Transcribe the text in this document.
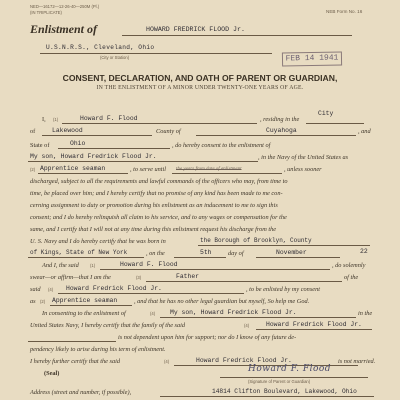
NED—16172—12-26-40—250M (Pl.)
(IN TRIPLICATE)	NEB Form No. 16
Enlistment of	HOWARD FREDRICK FLOOD Jr.
U.S.N.R.S., Cleveland, Ohio
(City or Station)	FEB 14 1941
CONSENT, DECLARATION, AND OATH OF PARENT OR GUARDIAN,
IN THE ENLISTMENT OF A MINOR UNDER TWENTY-ONE YEARS OF AGE.
I, (1)	Howard F. Flood	, residing in the
City
of	Lakewood	County of	Cuyahoga	, and
State of	Ohio	, do hereby consent to the enlistment of
My son, Howard Fredrick Flood Jr.	, in the Navy of the United States as
(2) Apprentice seaman	, to serve until the years from date of enlistment	, unless sooner
discharged, subject to all the requirements and lawful commands of the officers who may, from time to
time, be placed over him; and I hereby certify that no promise of any kind has been made to me con-
cerning assignment to duty or promotion during his enlistment as an inducement to me to sign this
consent; and I do hereby relinquish all claim to his service, and to any wages or compensation for the
same, and I certify that I will not at any time during this enlistment request his discharge from the
U. S. Navy and I do hereby certify that he was born in	the Borough of Brooklyn, County
of Kings, State of New York	, on the	5th	day of	November	22
And I, the said	(1)	Howard F. Flood	, do solemnly
swear—or affirm—that I am the	(3)	Father	of the
said (4) Howard Fredrick Flood Jr.	, to be enlisted by my consent
as (2) Apprentice seaman	, and that he has no other legal guardian but myself, So help me God.
In consenting to the enlistment of	(4) My son, Howard Fredrick Flood Jr.	in the
United States Navy, I hereby certify that the family of the said	(4)	Howard Fredrick Flood Jr.
is not dependent upon him for support; nor do I know of any future de-
pendency likely to arise during his term of enlistment.
I hereby further certify that the said	(4)	Howard Fredrick Flood Jr.	is not married.
(Seal)	Howard F. Flood
(Signature of Parent or Guardian)
Address (street and number, if possible),	14814 Clifton Boulevard, Lakewood, Ohio
